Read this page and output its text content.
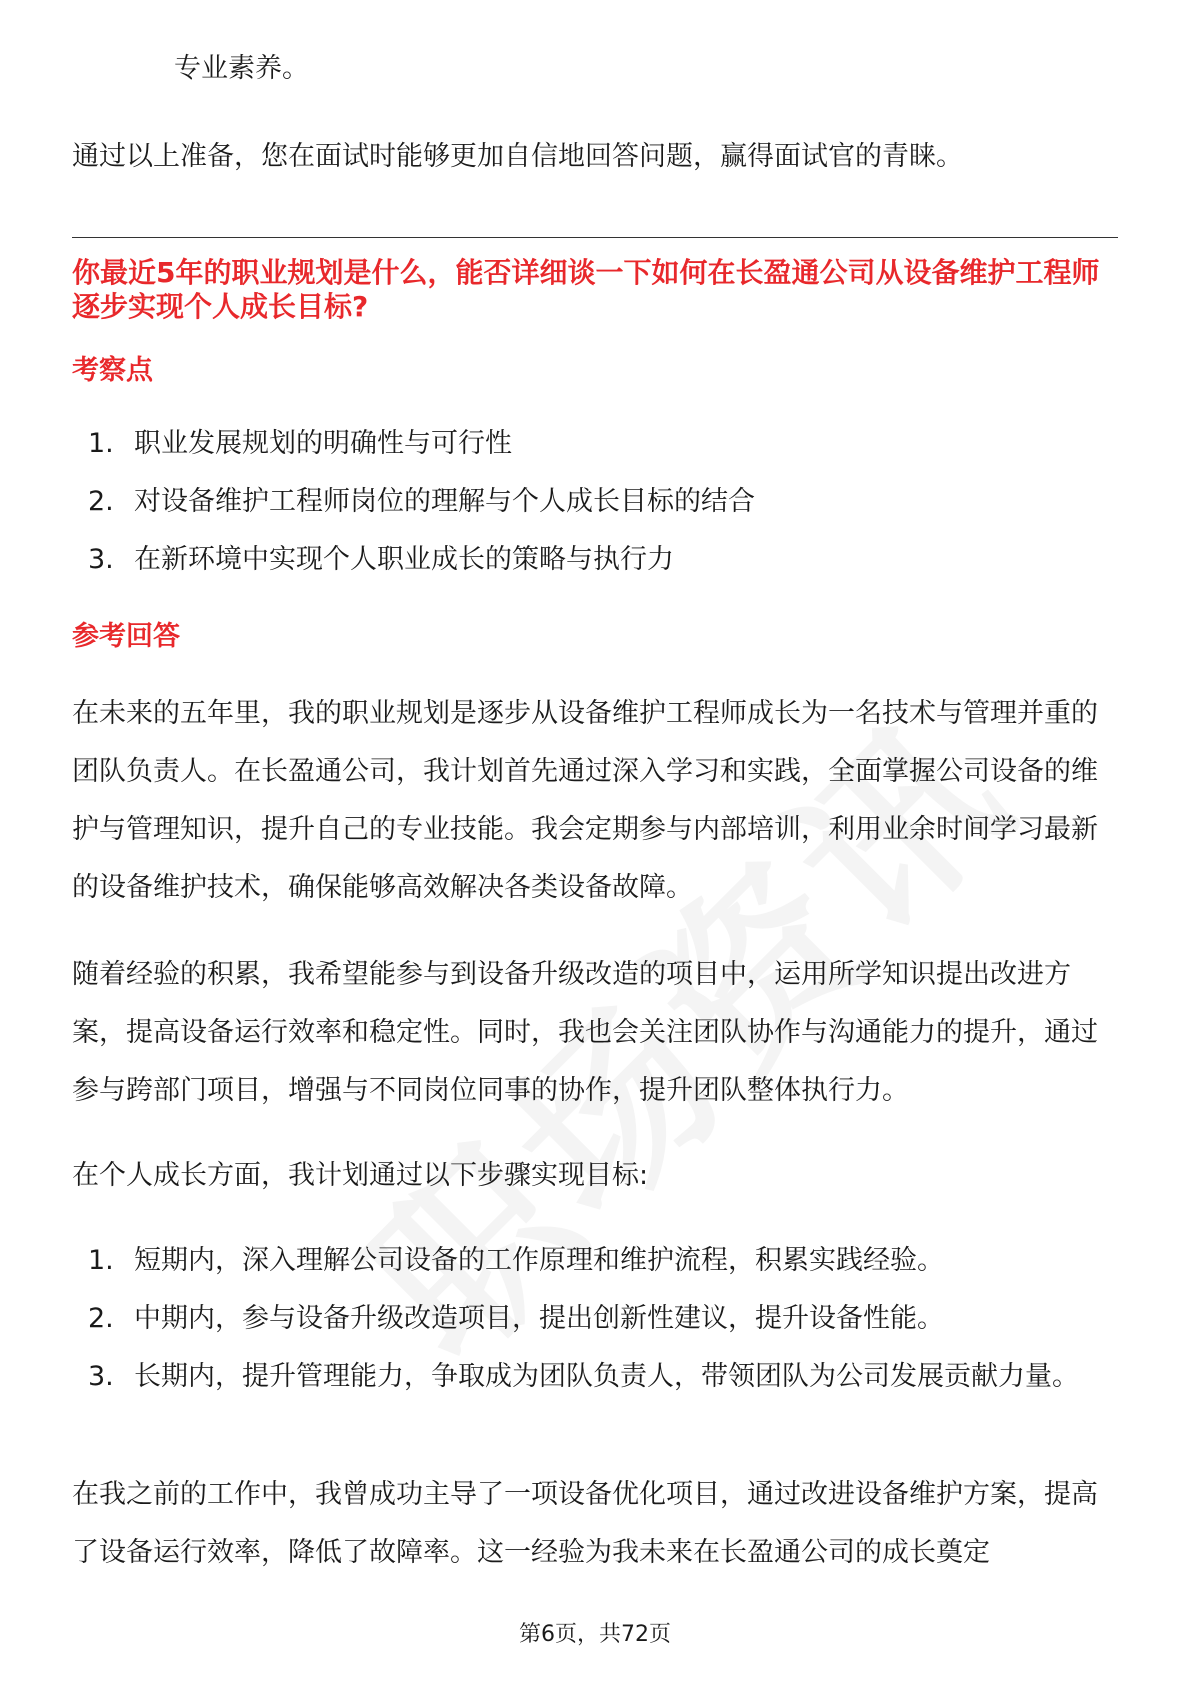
专业素养。
通过以上准备，您在面试时能够更加自信地回答问题，赢得面试官的青睐。
你最近5年的职业规划是什么，能否详细谈一下如何在长盈通公司从设备维护工程师逐步实现个人成长目标?
考察点
1. 职业发展规划的明确性与可行性
2. 对设备维护工程师岗位的理解与个人成长目标的结合
3. 在新环境中实现个人职业成长的策略与执行力
参考回答
在未来的五年里，我的职业规划是逐步从设备维护工程师成长为一名技术与管理并重的团队负责人。在长盈通公司，我计划首先通过深入学习和实践，全面掌握公司设备的维护与管理知识，提升自己的专业技能。我会定期参与内部培训，利用业余时间学习最新的设备维护技术，确保能够高效解决各类设备故障。
随着经验的积累，我希望能参与到设备升级改造的项目中，运用所学知识提出改进方案，提高设备运行效率和稳定性。同时，我也会关注团队协作与沟通能力的提升，通过参与跨部门项目，增强与不同岗位同事的协作，提升团队整体执行力。
在个人成长方面，我计划通过以下步骤实现目标:
1. 短期内，深入理解公司设备的工作原理和维护流程，积累实践经验。
2. 中期内，参与设备升级改造项目，提出创新性建议，提升设备性能。
3. 长期内，提升管理能力，争取成为团队负责人，带领团队为公司发展贡献力量。
在我之前的工作中，我曾成功主导了一项设备优化项目，通过改进设备维护方案，提高了设备运行效率，降低了故障率。这一经验为我未来在长盈通公司的成长奠定
第6页，共72页
